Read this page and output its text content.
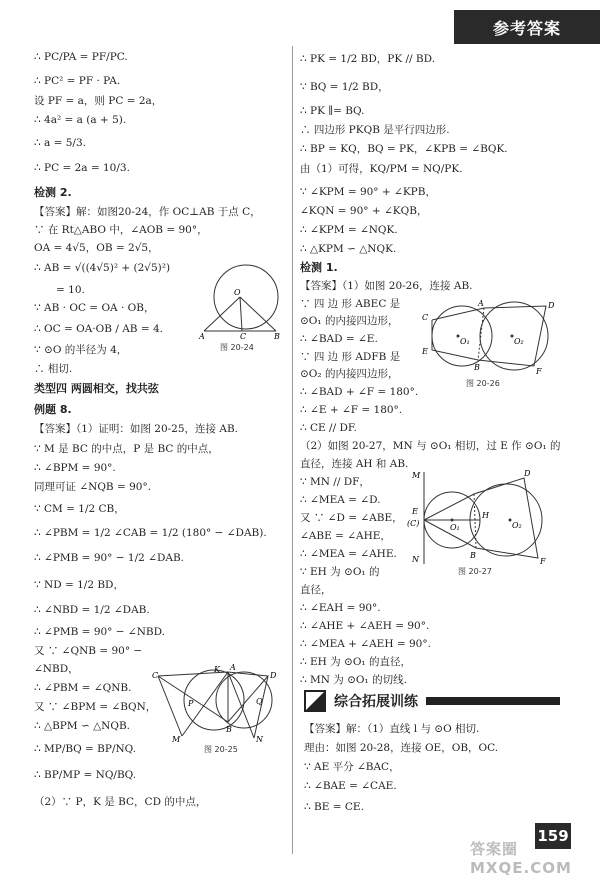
参考答案
∴ PC/PA = PF/PC.
∴ PC² = PF · PA.
设 PF = a，则 PC = 2a，
∴ 4a² = a (a + 5).
∴ a = 5/3.
∴ PC = 2a = 10/3.
检测 2.
【答案】解：如图20-24，作 OC⊥AB 于点 C，
∵ 在 Rt△ABO 中，∠AOB = 90°，
OA = 4√5，OB = 2√5，
∴ AB = √((4√5)² + (2√5)²)
= 10.
∵ AB · OC = OA · OB，
∴ OC = OA·OB / AB = 4.
∵ ⊙O 的半径为 4，
∴ 相切.
类型四 两圆相交，找共弦
例题 8.
【答案】（1）证明：如图 20-25，连接 AB.
∵ M 是 BC 的中点，P 是 BC 的中点，
∴ ∠BPM = 90°.
同理可证 ∠NQB = 90°.
∵ CM = 1/2 CB，
∴ ∠PBM = 1/2 ∠CAB = 1/2 (180° − ∠DAB).
∴ ∠PMB = 90° − 1/2 ∠DAB.
∵ ND = 1/2 BD，
∴ ∠NBD = 1/2 ∠DAB.
∴ ∠PMB = 90° − ∠NBD.
又 ∵ ∠QNB = 90° −
∠NBD，
∴ ∠PBM = ∠QNB.
又 ∵ ∠BPM = ∠BQN，
∴ △BPM ∽ △NQB.
∴ MP/BQ = BP/NQ.
∴ BP/MP = NQ/BQ.
（2）∵ P，K 是 BC，CD 的中点，
O
A	C	B
图 20-24
C
K A
D
P	Q
B
M	N
图 20-25
∴ PK = 1/2 BD，PK // BD.
∵ BQ = 1/2 BD，
∴ PK ∥= BQ.
∴ 四边形 PKQB 是平行四边形.
∴ BP = KQ，BQ = PK，∠KPB = ∠BQK.
由（1）可得，KQ/PM = NQ/PK.
∵ ∠KPM = 90° + ∠KPB，
∠KQN = 90° + ∠KQB，
∴ ∠KPM = ∠NQK.
∴ △KPM ∽ △NQK.
检测 1.
【答案】（1）如图 20-26，连接 AB.
∵ 四 边 形 ABEC 是
⊙O₁ 的内接四边形，
∴ ∠BAD = ∠E.
∵ 四 边 形 ADFB 是
⊙O₂ 的内接四边形，
∴ ∠BAD + ∠F = 180°.
∴ ∠E + ∠F = 180°.
∴ CE // DF.
（2）如图 20-27，MN 与 ⊙O₁ 相切，过 E 作 ⊙O₁ 的
直径，连接 AH 和 AB.
∵ MN // DF，
∴ ∠MEA = ∠D.
又 ∵ ∠D = ∠ABE，
∠ABE = ∠AHE，
∴ ∠MEA = ∠AHE.
∵ EH 为 ⊙O₁ 的
直径，
∴ ∠EAH = 90°.
∴ ∠AHE + ∠AEH = 90°.
∴ ∠MEA + ∠AEH = 90°.
∴ EH 为 ⊙O₁ 的直径，
∴ MN 为 ⊙O₁ 的切线.
C
A	D
O₁	O₂
E
B	F
图 20-26
M	D
E
(C)	O₁
H
O₂
N	B
F
图 20-27
综合拓展训练
【答案】解：（1）直线 l 与 ⊙O 相切.
理由：如图 20-28，连接 OE，OB，OC.
∵ AE 平分 ∠BAC，
∴ ∠BAE = ∠CAE.
∴ BE = CE.
答案圈 MXQE.COM
159
